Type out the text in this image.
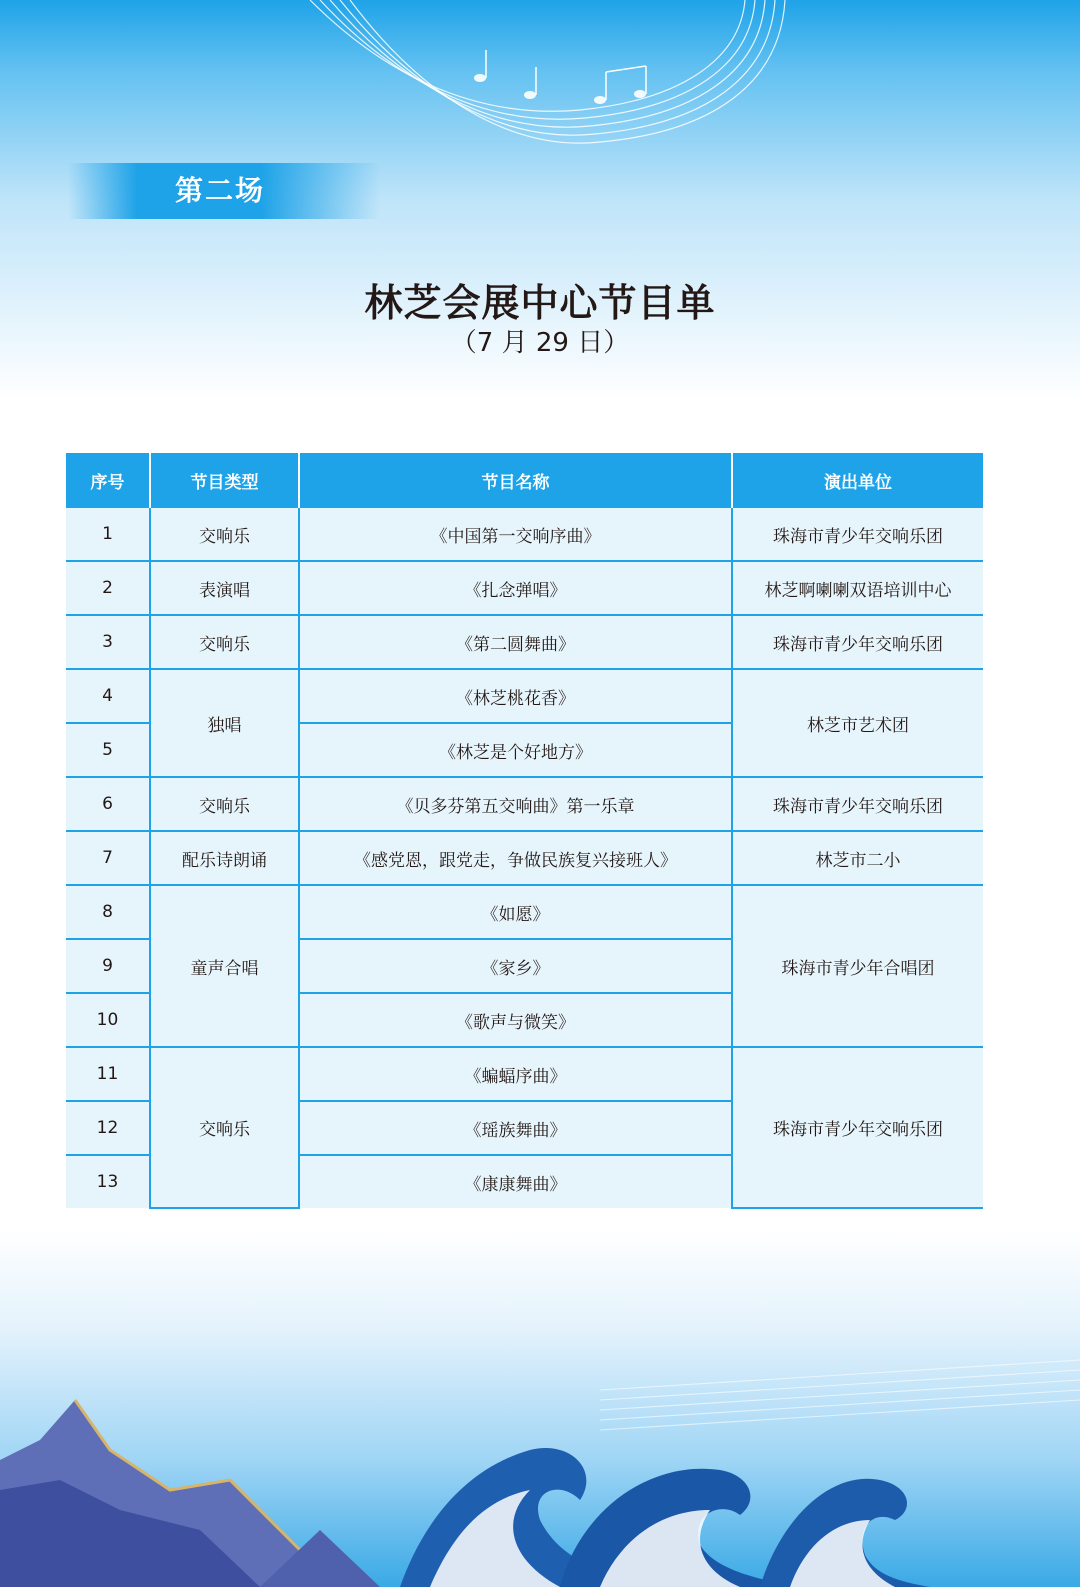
第二场
林芝会展中心节目单
（7 月 29 日）
序号	节目类型	节目名称	演出单位
1	交响乐	《中国第一交响序曲》	珠海市青少年交响乐团
2	表演唱	《扎念弹唱》	林芝啊喇喇双语培训中心
3	交响乐	《第二圆舞曲》	珠海市青少年交响乐团
4	独唱	《林芝桃花香》	林芝市艺术团
5		《林芝是个好地方》	
6	交响乐	《贝多芬第五交响曲》第一乐章	珠海市青少年交响乐团
7	配乐诗朗诵	《感党恩，跟党走，争做民族复兴接班人》	林芝市二小
8	童声合唱	《如愿》	珠海市青少年合唱团
9		《家乡》	
10		《歌声与微笑》	
11	交响乐	《蝙蝠序曲》	珠海市青少年交响乐团
12		《瑶族舞曲》	
13		《康康舞曲》	
